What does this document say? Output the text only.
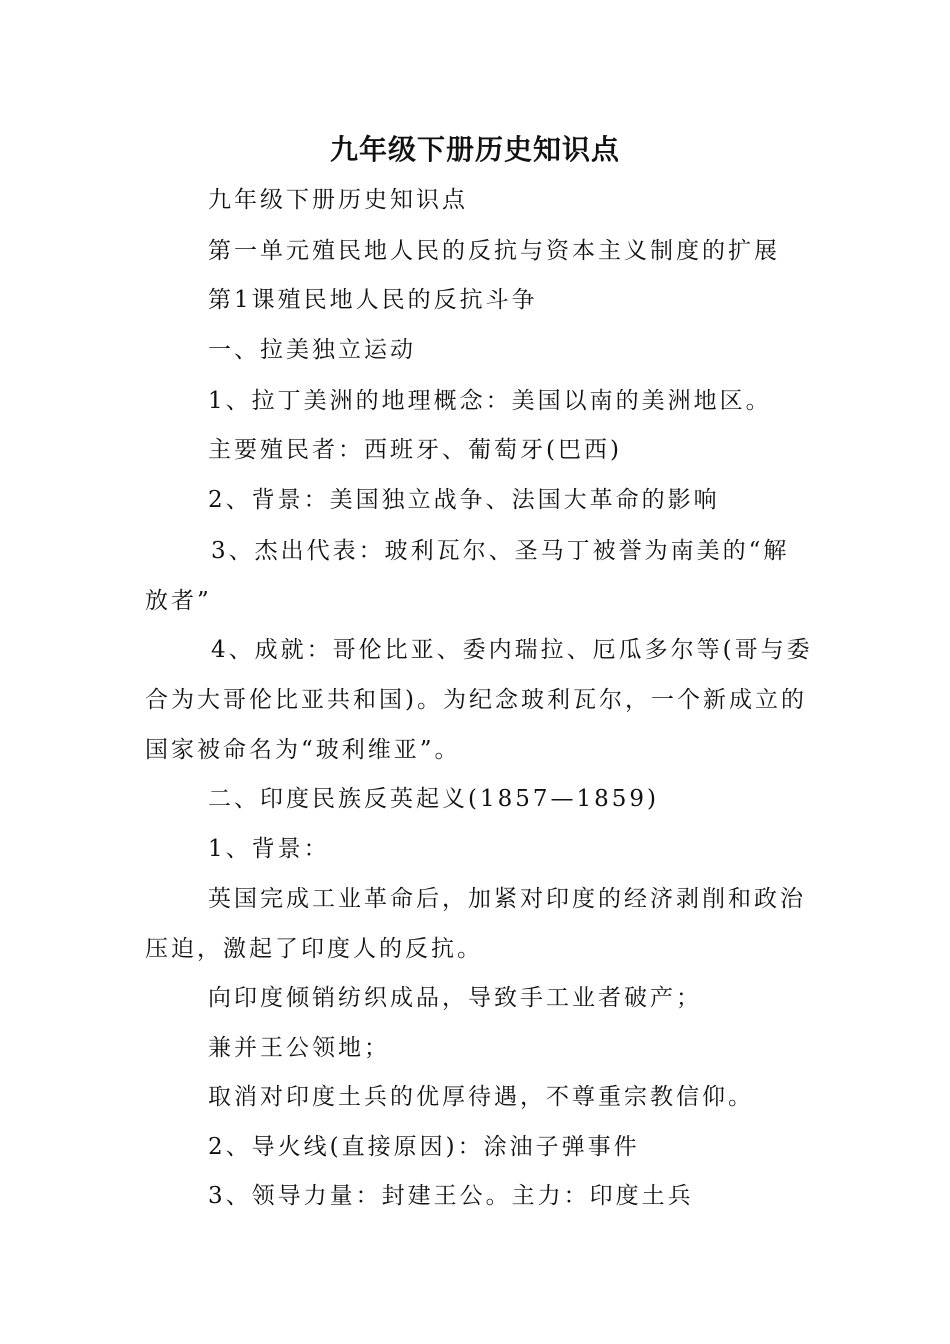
九年级下册历史知识点
九年级下册历史知识点
第一单元殖民地人民的反抗与资本主义制度的扩展
第1课殖民地人民的反抗斗争
一、拉美独立运动
1、拉丁美洲的地理概念：美国以南的美洲地区。
主要殖民者：西班牙、葡萄牙(巴西)
2、背景：美国独立战争、法国大革命的影响
3、杰出代表：玻利瓦尔、圣马丁被誉为南美的“解
放者”
4、成就：哥伦比亚、委内瑞拉、厄瓜多尔等(哥与委
合为大哥伦比亚共和国)。为纪念玻利瓦尔，一个新成立的
国家被命名为“玻利维亚”。
二、印度民族反英起义(1857—1859)
1、背景：
英国完成工业革命后，加紧对印度的经济剥削和政治
压迫，激起了印度人的反抗。
向印度倾销纺织成品，导致手工业者破产；
兼并王公领地；
取消对印度土兵的优厚待遇，不尊重宗教信仰。
2、导火线(直接原因)：涂油子弹事件
3、领导力量：封建王公。主力：印度土兵
